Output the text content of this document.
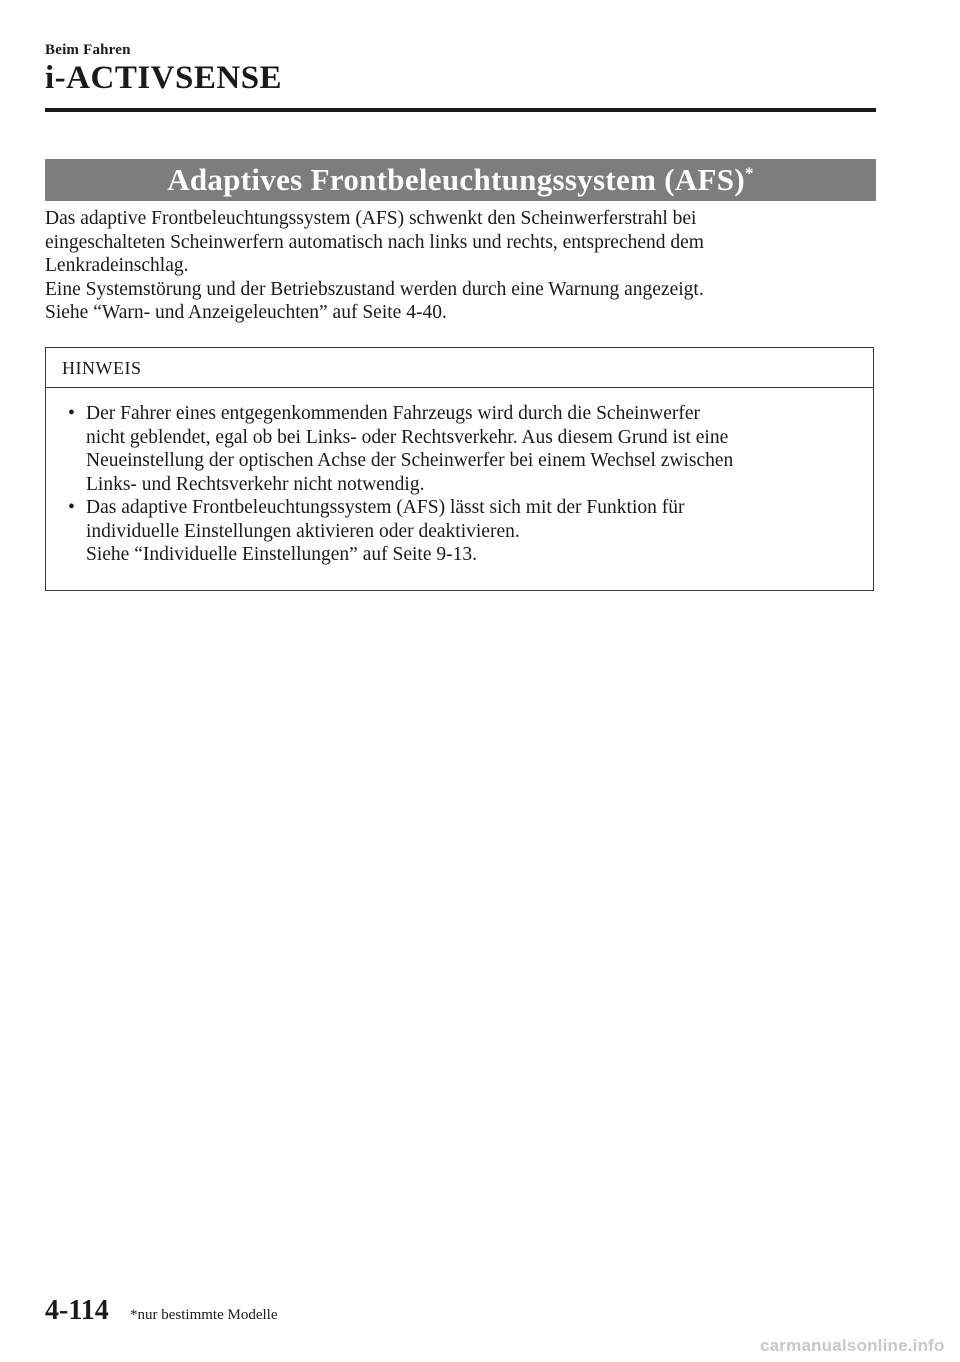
Beim Fahren
i-ACTIVSENSE
Adaptives Frontbeleuchtungssystem (AFS)*

Das adaptive Frontbeleuchtungssystem (AFS) schwenkt den Scheinwerferstrahl bei

eingeschalteten Scheinwerfern automatisch nach links und rechts, entsprechend dem

Lenkradeinschlag.

Eine Systemstörung und der Betriebszustand werden durch eine Warnung angezeigt.

Siehe “Warn- und Anzeigeleuchten” auf Seite 4-40.

HINWEIS
• Der Fahrer eines entgegenkommenden Fahrzeugs wird durch die Scheinwerfer
nicht geblendet, egal ob bei Links- oder Rechtsverkehr. Aus diesem Grund ist eine
Neueinstellung der optischen Achse der Scheinwerfer bei einem Wechsel zwischen
Links- und Rechtsverkehr nicht notwendig.
• Das adaptive Frontbeleuchtungssystem (AFS) lässt sich mit der Funktion für
individuelle Einstellungen aktivieren oder deaktivieren.
Siehe “Individuelle Einstellungen” auf Seite 9-13.
4-114 *nur bestimmte Modelle
carmanualsonline.info
